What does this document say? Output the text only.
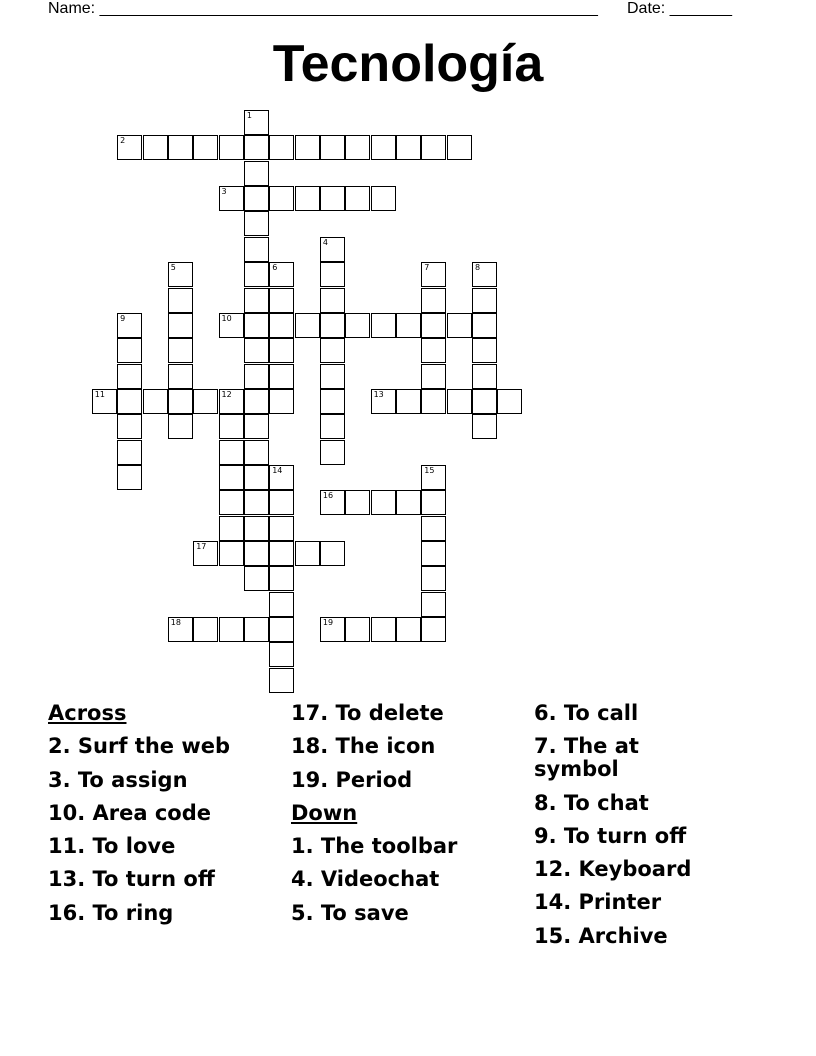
Name: ________________________________________________________ Date: _______
Tecnología
1
2
3
4
5	6	7	8
9	10
11	12	13
14	15
16
17
18	19
Across
2. Surf the web
3. To assign
10. Area code
11. To love
13. To turn off
16. To ring
17. To delete
18. The icon
19. Period
Down
1. The toolbar
4. Videochat
5. To save
6. To call
7. The at symbol
8. To chat
9. To turn off
12. Keyboard
14. Printer
15. Archive
